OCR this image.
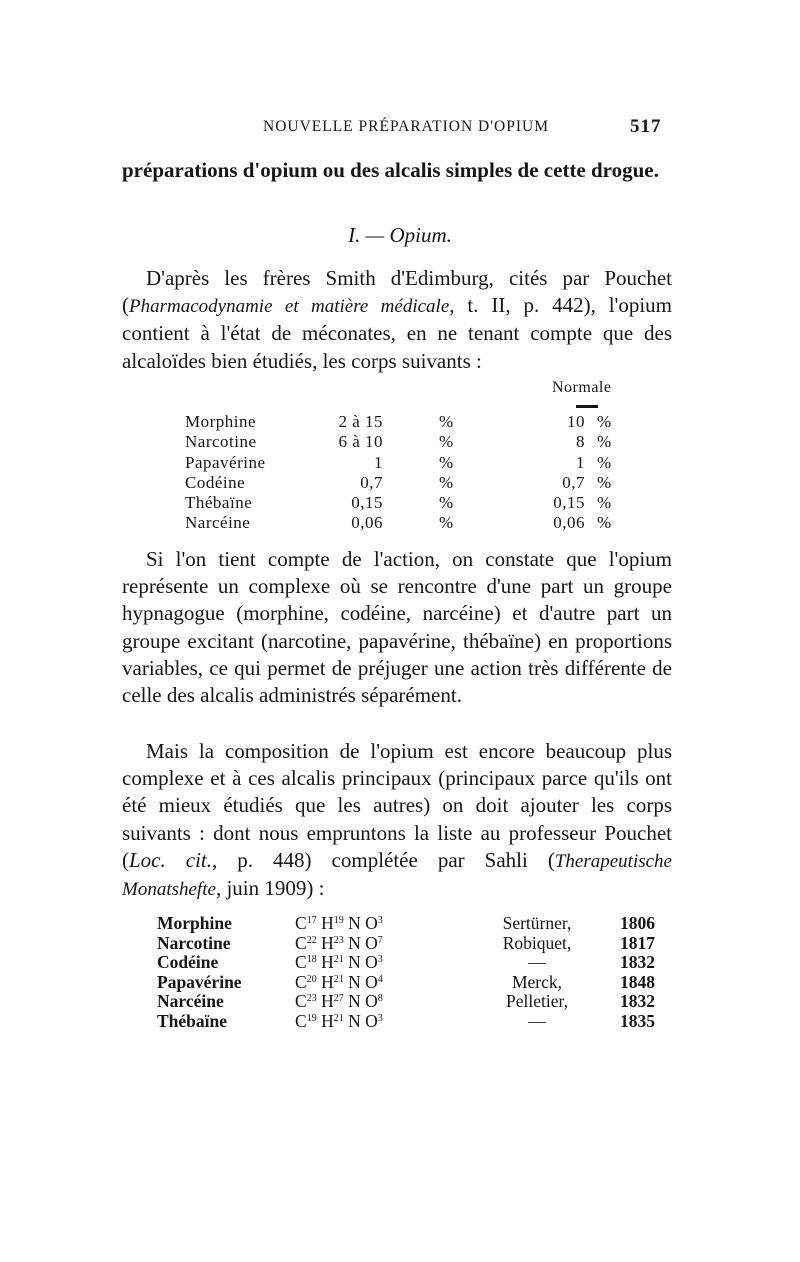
NOUVELLE PRÉPARATION D'OPIUM	517

préparations d'opium ou des alcalis simples de cette drogue.

I. — Opium.

D'après les frères Smith d'Edimburg, cités par Pouchet (Pharmacodynamie et matière médicale, t. II, p. 442), l'opium contient à l'état de méconates, en ne tenant compte que des alcaloïdes bien étudiés, les corps suivants :

Normale
Morphine	2 à 15	%	10 %
Narcotine	6 à 10	%	8 %
Papavérine	1	%	1 %
Codéine	0,7	%	0,7 %
Thébaïne	0,15	%	0,15 %
Narcéine	0,06	%	0,06 %

Si l'on tient compte de l'action, on constate que l'opium représente un complexe où se rencontre d'une part un groupe hypnagogue (morphine, codéine, narcéine) et d'autre part un groupe excitant (narcotine, papavérine, thébaïne) en proportions variables, ce qui permet de préjuger une action très différente de celle des alcalis administrés séparément.

Mais la composition de l'opium est encore beaucoup plus complexe et à ces alcalis principaux (principaux parce qu'ils ont été mieux étudiés que les autres) on doit ajouter les corps suivants : dont nous empruntons la liste au professeur Pouchet (Loc. cit., p. 448) complétée par Sahli (Therapeutische Monatshefte, juin 1909) :

Morphine	$C^{17}$ $H^{19}$ N $O^3$	Sertürner,	1806
Narcotine	$C^{22}$ $H^{23}$ N $O^7$	Robiquet,	1817
Codéine	$C^{18}$ $H^{21}$ N $O^3$	—	1832
Papavérine	$C^{20}$ $H^{21}$ N $O^4$	Merck,	1848
Narcéine	$C^{23}$ $H^{27}$ N $O^8$	Pelletier,	1832
Thébaïne	$C^{19}$ $H^{21}$ N $O^3$	—	1835
